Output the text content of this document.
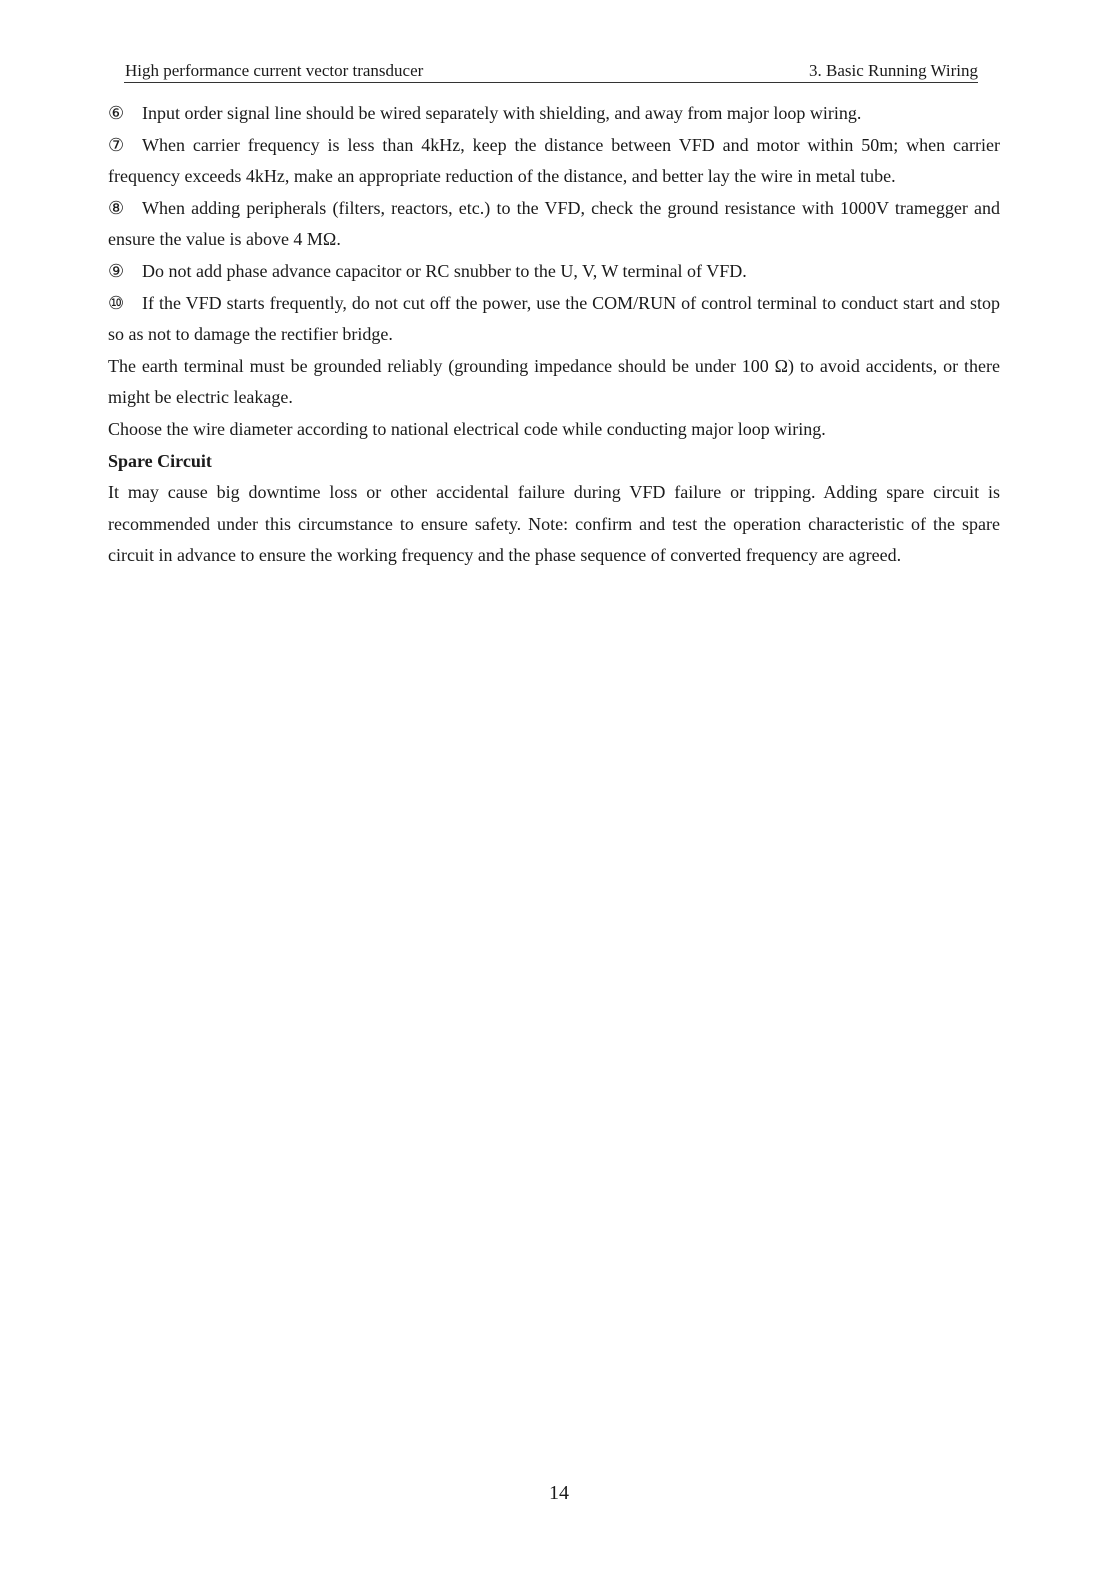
High performance current vector transducer	3. Basic Running Wiring

⑥ Input order signal line should be wired separately with shielding, and away from major loop wiring.

⑦ When carrier frequency is less than 4kHz, keep the distance between VFD and motor within 50m; when carrier frequency exceeds 4kHz, make an appropriate reduction of the distance, and better lay the wire in metal tube.

⑧ When adding peripherals (filters, reactors, etc.) to the VFD, check the ground resistance with 1000V tramegger and ensure the value is above 4 MΩ.

⑨ Do not add phase advance capacitor or RC snubber to the U, V, W terminal of VFD.

⑩ If the VFD starts frequently, do not cut off the power, use the COM/RUN of control terminal to conduct start and stop so as not to damage the rectifier bridge.

The earth terminal must be grounded reliably (grounding impedance should be under 100 Ω) to avoid accidents, or there might be electric leakage.

Choose the wire diameter according to national electrical code while conducting major loop wiring.

Spare Circuit

It may cause big downtime loss or other accidental failure during VFD failure or tripping. Adding spare circuit is recommended under this circumstance to ensure safety. Note: confirm and test the operation characteristic of the spare circuit in advance to ensure the working frequency and the phase sequence of converted frequency are agreed.

14
